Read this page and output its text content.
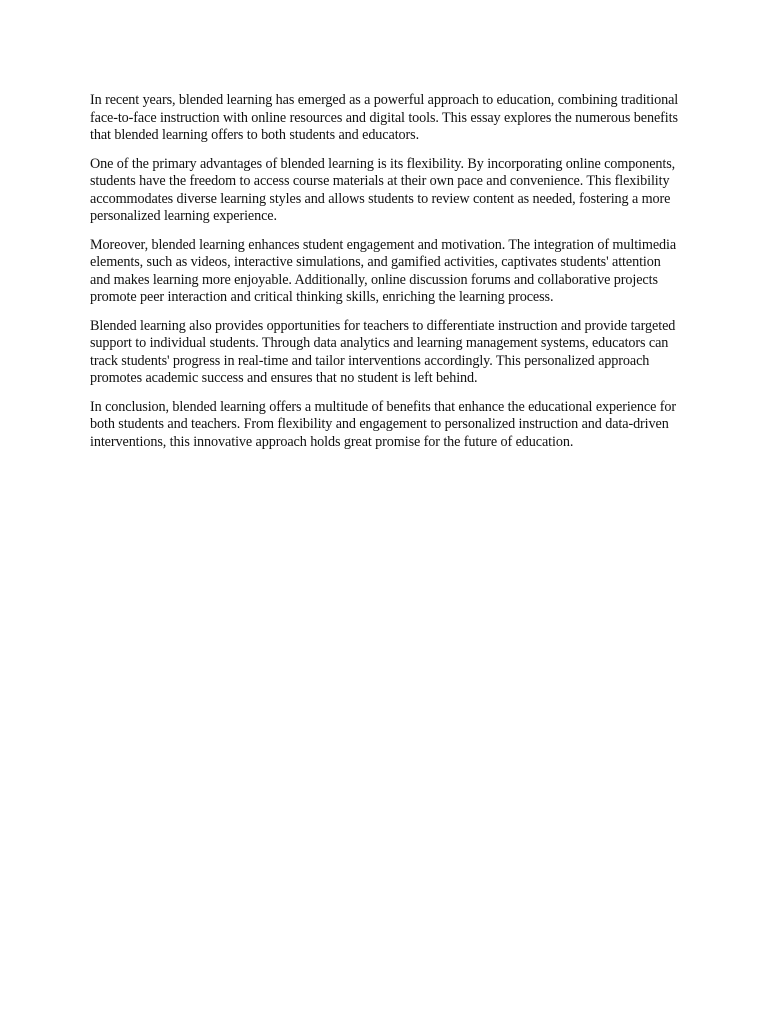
In recent years, blended learning has emerged as a powerful approach to education, combining traditional face-to-face instruction with online resources and digital tools. This essay explores the numerous benefits that blended learning offers to both students and educators.

One of the primary advantages of blended learning is its flexibility. By incorporating online components, students have the freedom to access course materials at their own pace and convenience. This flexibility accommodates diverse learning styles and allows students to review content as needed, fostering a more personalized learning experience.

Moreover, blended learning enhances student engagement and motivation. The integration of multimedia elements, such as videos, interactive simulations, and gamified activities, captivates students' attention and makes learning more enjoyable. Additionally, online discussion forums and collaborative projects promote peer interaction and critical thinking skills, enriching the learning process.

Blended learning also provides opportunities for teachers to differentiate instruction and provide targeted support to individual students. Through data analytics and learning management systems, educators can track students' progress in real-time and tailor interventions accordingly. This personalized approach promotes academic success and ensures that no student is left behind.

In conclusion, blended learning offers a multitude of benefits that enhance the educational experience for both students and teachers. From flexibility and engagement to personalized instruction and data-driven interventions, this innovative approach holds great promise for the future of education.
